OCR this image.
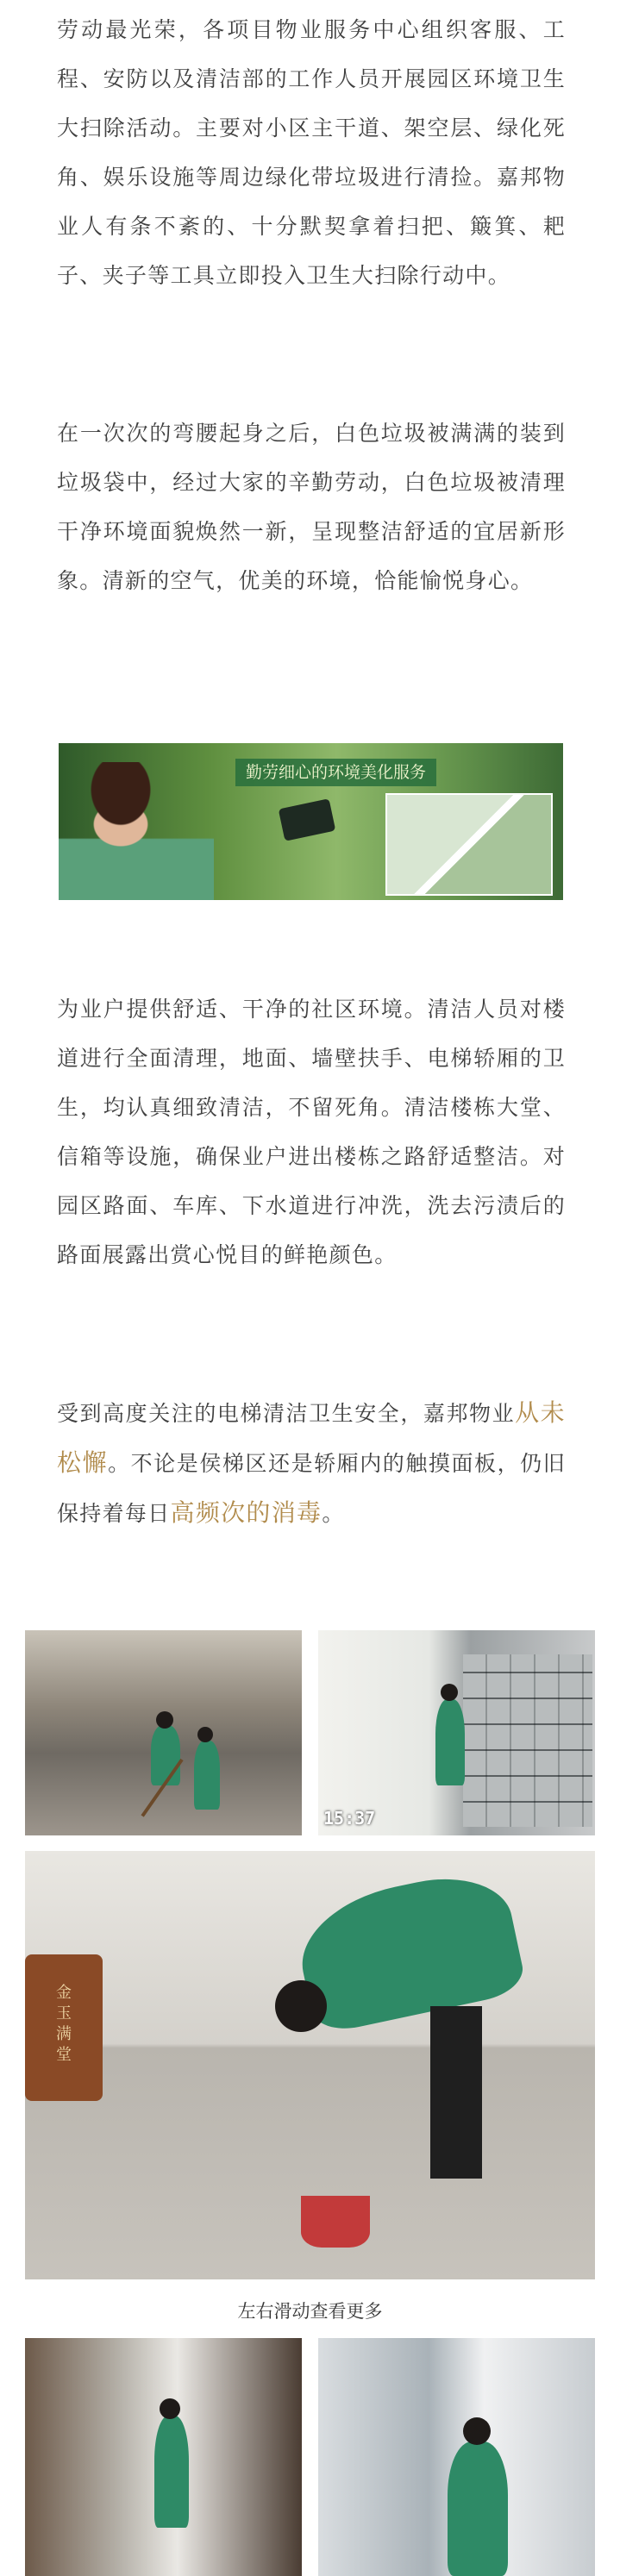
劳动最光荣，各项目物业服务中心组织客服、工程、安防以及清洁部的工作人员开展园区环境卫生大扫除活动。主要对小区主干道、架空层、绿化死角、娱乐设施等周边绿化带垃圾进行清捡。嘉邦物业人有条不紊的、十分默契拿着扫把、簸箕、耙子、夹子等工具立即投入卫生大扫除行动中。

在一次次的弯腰起身之后，白色垃圾被满满的装到垃圾袋中，经过大家的辛勤劳动，白色垃圾被清理干净环境面貌焕然一新，呈现整洁舒适的宜居新形象。清新的空气，优美的环境，恰能愉悦身心。

勤劳细心的环境美化服务

为业户提供舒适、干净的社区环境。清洁人员对楼道进行全面清理，地面、墙壁扶手、电梯轿厢的卫生，均认真细致清洁，不留死角。清洁楼栋大堂、信箱等设施，确保业户进出楼栋之路舒适整洁。对园区路面、车库、下水道进行冲洗，洗去污渍后的路面展露出赏心悦目的鲜艳颜色。

受到高度关注的电梯清洁卫生安全，嘉邦物业从未松懈。不论是侯梯区还是轿厢内的触摸面板，仍旧保持着每日高频次的消毒。

15:37
金
玉
满
堂
左右滑动查看更多
